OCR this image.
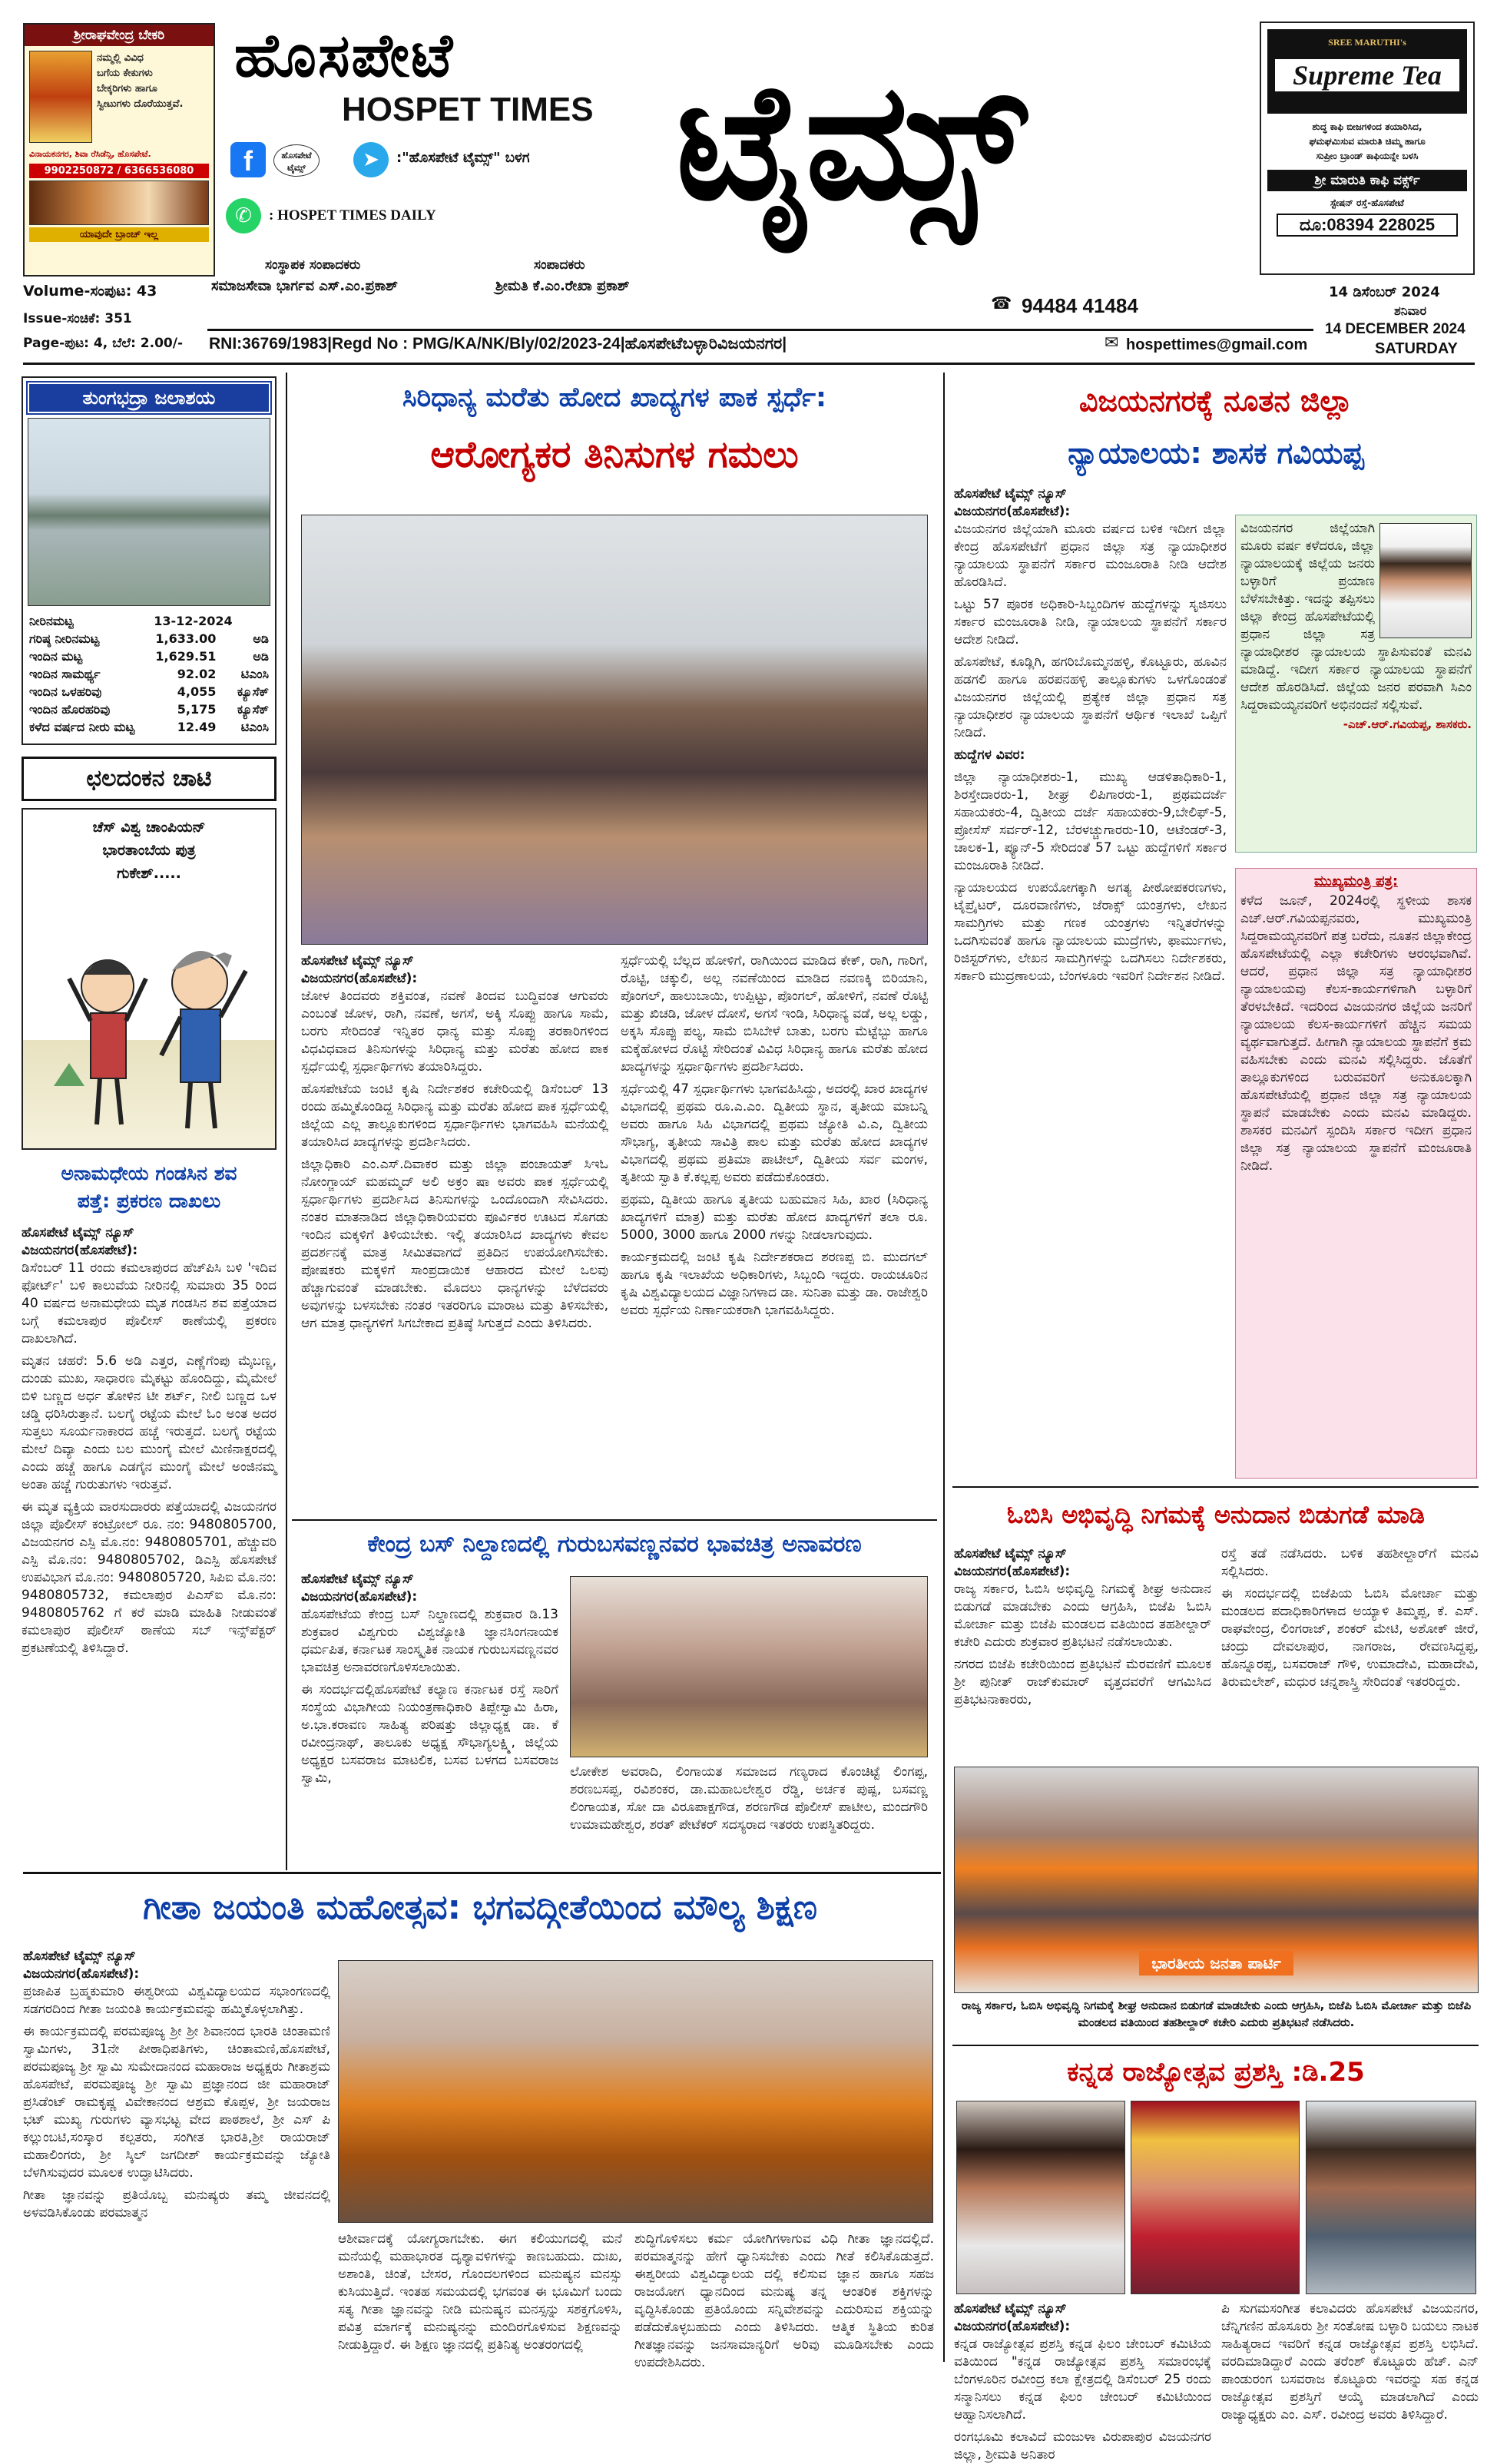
ಶ್ರೀರಾಘವೇಂದ್ರ ಬೇಕರಿ
ನಮ್ಮಲ್ಲಿ ವಿವಿಧ
ಬಗೆಯ ಕೇಕುಗಳು
ಬೇಕ್ಕರಿಗಳು ಹಾಗೂ
ಸ್ವೀಟುಗಳು ದೊರೆಯುತ್ತವೆ.
ವಿನಾಯಕನಗರ, ಶಿವಾ ರೆಸಿಡೆನ್ಸಿ, ಹೊಸಪೇಟೆ.
9902250872 / 6366536080
ಯಾವುದೇ ಬ್ರಾಂಚ್ ಇಲ್ಲ
ಹೊಸಪೇಟೆ
HOSPET TIMES ಟೈಮ್ಸ್
f	ಹೊಸಪೇಟೆ ಟೈಮ್ಸ್	➤	:"ಹೊಸಪೇಟೆ ಟೈಮ್ಸ್" ಬಳಗ
✆	: HOSPET TIMES DAILY
ಸಂಸ್ಥಾಪಕ ಸಂಪಾದಕರು
ಸಮಾಜಸೇವಾ ಭಾರ್ಗವ ಎಸ್.ಎಂ.ಪ್ರಕಾಶ್
ಸಂಪಾದಕರು
ಶ್ರೀಮತಿ ಕೆ.ಎಂ.ರೇಖಾ ಪ್ರಕಾಶ್
☎ 94484 41484
SREE MARUTHI's
Supreme Tea
ಶುದ್ಧ ಕಾಫಿ ಬೀಜಗಳಿಂದ ತಯಾರಿಸಿದ,
ಘಮಘಮಿಸುವ ಮಾರುತಿ ಚಿಮ್ಮ ಹಾಗೂ
ಸುಪ್ರೀಂ ಬ್ರಾಂಡ್ ಕಾಫಿಯನ್ನೇ ಬಳಸಿ
ಶ್ರೀ ಮಾರುತಿ ಕಾಫಿ ವರ್ಕ್ಸ್
ಸ್ಟೇಷನ್ ರಸ್ತೆ-ಹೊಸಪೇಟೆ
ದೂ:08394 228025
14 ಡಿಸೆಂಬರ್ 2024
ಶನಿವಾರ
14 DECEMBER 2024
SATURDAY
Volume-ಸಂಪುಟ: 43
Issue-ಸಂಚಿಕೆ: 351
Page-ಪುಟ: 4, ಬೆಲೆ: 2.00/- RNI:36769/1983|Regd No : PMG/KA/NK/Bly/02/2023-24|ಹೊಸಪೇಟೆಬಳ್ಳಾರಿವಿಜಯನಗರ|	✉ hospettimes@gmail.com
ತುಂಗಭದ್ರಾ ಜಲಾಶಯ
ನೀರಿನಮಟ್ಟ	13-12-2024
ಗರಿಷ್ಠ ನೀರಿನಮಟ್ಟ	1,633.00	ಅಡಿ
ಇಂದಿನ ಮಟ್ಟ	1,629.51	ಅಡಿ
ಇಂದಿನ ಸಾಮರ್ಥ್ಯ	92.02	ಟಿಎಂಸಿ
ಇಂದಿನ ಒಳಹರಿವು	4,055	ಕ್ಯೂಸೆಕ್
ಇಂದಿನ ಹೊರಹರಿವು	5,175	ಕ್ಯೂಸೆಕ್
ಕಳೆದ ವರ್ಷದ ನೀರು ಮಟ್ಟ	12.49	ಟಿಎಂಸಿ
ಛಲದಂಕನ ಚಾಟಿ
ಚೆಸ್ ವಿಶ್ವ ಚಾಂಪಿಯನ್
ಭಾರತಾಂಬೆಯ ಪುತ್ರ
ಗುಕೇಶ್.....
ಅನಾಮಧೇಯ ಗಂಡಸಿನ ಶವ
ಪತ್ತೆ: ಪ್ರಕರಣ ದಾಖಲು
ಹೊಸಪೇಟೆ ಟೈಮ್ಸ್ ನ್ಯೂಸ್
ವಿಜಯನಗರ(ಹೊಸಪೇಟೆ):

ಡಿಸೆಂಬರ್ 11 ರಂದು ಕಮಲಾಪುರದ ಹೆಚ್‌ಪಿಸಿ ಬಳಿ 'ಇದಿವ ಫೋರ್ಟ್' ಬಳಿ ಕಾಲುವೆಯ ನೀರಿನಲ್ಲಿ ಸುಮಾರು 35 ರಿಂದ 40 ವರ್ಷದ ಅನಾಮಧೇಯ ಮೃತ ಗಂಡಸಿನ ಶವ ಪತ್ತೆಯಾದ ಬಗ್ಗೆ ಕಮಲಾಪುರ ಪೊಲೀಸ್ ಠಾಣೆಯಲ್ಲಿ ಪ್ರಕರಣ ದಾಖಲಾಗಿದೆ.

ಮೃತನ ಚಹರೆ: 5.6 ಅಡಿ ಎತ್ತರ, ಎಣ್ಣೆಗೆಂಪು ಮೈಬಣ್ಣ, ದುಂಡು ಮುಖ, ಸಾಧಾರಣ ಮೈಕಟ್ಟು ಹೊಂದಿದ್ದು, ಮೈಮೇಲೆ ಬಿಳಿ ಬಣ್ಣದ ಅರ್ಧ ತೋಳಿನ ಟೀ ಶರ್ಟ್, ನೀಲಿ ಬಣ್ಣದ ಒಳ ಚಡ್ಡಿ ಧರಿಸಿರುತ್ತಾನೆ. ಬಲಗೈ ರಟ್ಟೆಯ ಮೇಲೆ ಓಂ ಅಂತ ಅದರ ಸುತ್ತಲು ಸೂರ್ಯನಾಕಾರದ ಹಚ್ಚೆ ಇರುತ್ತದೆ. ಬಲಗೈ ರಟ್ಟೆಯ ಮೇಲೆ ದಿವ್ಯಾ ಎಂದು ಬಲ ಮುಂಗೈ ಮೇಲೆ ಮಿಣಿನಾಕ್ಷರದಲ್ಲಿ ಎಂದು ಹಚ್ಚೆ ಹಾಗೂ ಎಡಗೈನ ಮುಂಗೈ ಮೇಲೆ ಅಂಜಿನಮ್ಮ ಅಂತಾ ಹಚ್ಚೆ ಗುರುತುಗಳು ಇರುತ್ತವೆ.

ಈ ಮೃತ ವ್ಯಕ್ತಿಯ ವಾರಸುದಾರರು ಪತ್ತೆಯಾದಲ್ಲಿ ವಿಜಯನಗರ ಜಿಲ್ಲಾ ಪೊಲೀಸ್ ಕಂಟ್ರೋಲ್ ರೂ. ನಂ: 9480805700, ವಿಜಯನಗರ ಎಸ್ಪಿ ಮೊ.ನಂ: 9480805701, ಹೆಚ್ಚುವರಿ ಎಸ್ಪಿ ಮೊ.ನಂ: 9480805702, ಡಿಎಸ್ಪಿ ಹೊಸಪೇಟೆ ಉಪವಿಭಾಗ ಮೊ.ನಂ: 9480805720, ಸಿಪಿಐ ಮೊ.ನಂ: 9480805732, ಕಮಲಾಪುರ ಪಿಎಸ್‌ಐ ಮೊ.ನಂ: 9480805762 ಗೆ ಕರೆ ಮಾಡಿ ಮಾಹಿತಿ ನೀಡುವಂತೆ ಕಮಲಾಪುರ ಪೊಲೀಸ್ ಠಾಣೆಯ ಸಬ್ ಇನ್ಸ್‌ಪೆಕ್ಟರ್ ಪ್ರಕಟಣೆಯಲ್ಲಿ ತಿಳಿಸಿದ್ದಾರೆ.

ಸಿರಿಧಾನ್ಯ ಮರೆತು ಹೋದ ಖಾದ್ಯಗಳ ಪಾಕ ಸ್ಪರ್ಧೆ:
ಆರೋಗ್ಯಕರ ತಿನಿಸುಗಳ ಗಮಲು
ಹೊಸಪೇಟೆ ಟೈಮ್ಸ್ ನ್ಯೂಸ್
ವಿಜಯನಗರ(ಹೊಸಪೇಟೆ):

ಜೋಳ ತಿಂದವರು ಶಕ್ತಿವಂತ, ನವಣೆ ತಿಂದವ ಬುದ್ಧಿವಂತ ಆಗುವರು ಎಂಬಂತೆ ಜೋಳ, ರಾಗಿ, ನವಣೆ, ಅಗಸೆ, ಅಕ್ಕಿ ಸೊಪ್ಪು ಹಾಗೂ ಸಾಮೆ, ಬರಗು ಸೇರಿದಂತೆ ಇನ್ನಿತರ ಧಾನ್ಯ ಮತ್ತು ಸೊಪ್ಪು ತರಕಾರಿಗಳಿಂದ ವಿಧವಿಧವಾದ ತಿನಿಸುಗಳನ್ನು ಸಿರಿಧಾನ್ಯ ಮತ್ತು ಮರೆತು ಹೋದ ಪಾಕ ಸ್ಪರ್ಧೆಯಲ್ಲಿ ಸ್ಪರ್ಧಾರ್ಥಿಗಳು ತಯಾರಿಸಿದ್ದರು.

ಹೊಸಪೇಟೆಯ ಜಂಟಿ ಕೃಷಿ ನಿರ್ದೇಶಕರ ಕಚೇರಿಯಲ್ಲಿ ಡಿಸೆಂಬರ್ 13 ರಂದು ಹಮ್ಮಿಕೊಂಡಿದ್ದ ಸಿರಿಧಾನ್ಯ ಮತ್ತು ಮರೆತು ಹೋದ ಪಾಕ ಸ್ಪರ್ಧೆಯಲ್ಲಿ ಜಿಲ್ಲೆಯ ಎಲ್ಲ ತಾಲ್ಲೂಕುಗಳಿಂದ ಸ್ಪರ್ಧಾರ್ಥಿಗಳು ಭಾಗವಹಿಸಿ ಮನೆಯಲ್ಲಿ ತಯಾರಿಸಿದ ಖಾದ್ಯಗಳನ್ನು ಪ್ರದರ್ಶಿಸಿದರು.

ಜಿಲ್ಲಾಧಿಕಾರಿ ಎಂ.ಎಸ್.ದಿವಾಕರ ಮತ್ತು ಜಿಲ್ಲಾ ಪಂಚಾಯತ್ ಸಿಇಓ ನೋಂಗ್ಜಾಯ್ ಮಹಮ್ಮದ್ ಅಲಿ ಅಕ್ರಂ ಷಾ ಅವರು ಪಾಕ ಸ್ಪರ್ಧೆಯಲ್ಲಿ ಸ್ಪರ್ಧಾರ್ಥಿಗಳು ಪ್ರದರ್ಶಿಸಿದ ತಿನಿಸುಗಳನ್ನು ಒಂದೊಂದಾಗಿ ಸೇವಿಸಿದರು. ನಂತರ ಮಾತನಾಡಿದ ಜಿಲ್ಲಾಧಿಕಾರಿಯವರು ಪೂರ್ವಿಕರ ಊಟದ ಸೊಗಡು ಇಂದಿನ ಮಕ್ಕಳಿಗೆ ತಿಳಿಯಬೇಕು. ಇಲ್ಲಿ ತಯಾರಿಸಿದ ಖಾದ್ಯಗಳು ಕೇವಲ ಪ್ರದರ್ಶನಕ್ಕೆ ಮಾತ್ರ ಸೀಮಿತವಾಗದೆ ಪ್ರತಿದಿನ ಉಪಯೋಗಿಸಬೇಕು. ಪೋಷಕರು ಮಕ್ಕಳಿಗೆ ಸಾಂಪ್ರದಾಯಿಕ ಆಹಾರದ ಮೇಲೆ ಒಲವು ಹೆಚ್ಚಾಗುವಂತೆ ಮಾಡಬೇಕು. ಮೊದಲು ಧಾನ್ಯಗಳನ್ನು ಬೆಳೆದವರು ಅವುಗಳನ್ನು ಬಳಸಬೇಕು ನಂತರ ಇತರರಿಗೂ ಮಾರಾಟ ಮತ್ತು ತಿಳಿಸಬೇಕು, ಆಗ ಮಾತ್ರ ಧಾನ್ಯಗಳಿಗೆ ಸಿಗಬೇಕಾದ ಪ್ರತಿಷ್ಠೆ ಸಿಗುತ್ತದೆ ಎಂದು ತಿಳಿಸಿದರು.

ಸ್ಪರ್ಧೆಯಲ್ಲಿ ಬೆಲ್ಲದ ಹೋಳಿಗೆ, ರಾಗಿಯಿಂದ ಮಾಡಿದ ಕೇಕ್, ರಾಗಿ, ಗಾರಿಗೆ, ರೊಟ್ಟಿ, ಚಕ್ಕುಲಿ, ಅಲ್ಲ ನವಣೆಯಿಂದ ಮಾಡಿದ ನವಣಕ್ಕಿ ಬಿರಿಯಾನಿ, ಪೊಂಗಲ್, ಹಾಲುಬಾಯಿ, ಉಪ್ಪಿಟ್ಟು, ಪೊಂಗಲ್, ಹೋಳಿಗೆ, ನವಣೆ ರೊಟ್ಟಿ ಮತ್ತು ಖಿಚಡಿ, ಜೋಳ ದೋಸೆ, ಅಗಸೆ ಇಂಡಿ, ಸಿರಿಧಾನ್ಯ ವಡೆ, ಅಲ್ಲ ಲಡ್ಡು, ಅಕ್ಕಸಿ ಸೊಪ್ಪು ಪಲ್ಯ, ಸಾಮೆ ಬಿಸಿಬೇಳೆ ಬಾತು, ಬರಗು ಮೆಟ್ಟೆಬ್ಬು ಹಾಗೂ ಮಕ್ಕೆಹೋಳದ ರೊಟ್ಟಿ ಸೇರಿದಂತೆ ವಿವಿಧ ಸಿರಿಧಾನ್ಯ ಹಾಗೂ ಮರೆತು ಹೋದ ಖಾದ್ಯಗಳನ್ನು ಸ್ಪರ್ಧಾರ್ಥಿಗಳು ಪ್ರದರ್ಶಿಸಿದರು.

ಸ್ಪರ್ಧೆಯಲ್ಲಿ 47 ಸ್ಪರ್ಧಾರ್ಥಿಗಳು ಭಾಗವಹಿಸಿದ್ದು, ಅದರಲ್ಲಿ ಖಾರ ಖಾದ್ಯಗಳ ವಿಭಾಗದಲ್ಲಿ ಪ್ರಥಮ ರೂ.ಎ.ಎಂ. ದ್ವಿತೀಯ ಸ್ಥಾನ, ತೃತೀಯ ಮಾಬನ್ನಿ ಅವರು ಹಾಗೂ ಸಿಹಿ ವಿಭಾಗದಲ್ಲಿ ಪ್ರಥಮ ಜ್ಯೋತಿ ವಿ.ಎ, ದ್ವಿತೀಯ ಸೌಭಾಗ್ಯ, ತೃತೀಯ ಸಾವಿತ್ರಿ ಪಾಲ ಮತ್ತು ಮರೆತು ಹೋದ ಖಾದ್ಯಗಳ ವಿಭಾಗದಲ್ಲಿ ಪ್ರಥಮ ಪ್ರತಿಮಾ ಪಾಟೀಲ್, ದ್ವಿತೀಯ ಸರ್ವ ಮಂಗಳ, ತೃತೀಯ ಸ್ವಾತಿ ಕೆ.ಕಲ್ಲಪ್ಪ ಅವರು ಪಡೆದುಕೊಂಡರು.

ಪ್ರಥಮ, ದ್ವಿತೀಯ ಹಾಗೂ ತೃತೀಯ ಬಹುಮಾನ ಸಿಹಿ, ಖಾರ (ಸಿರಿಧಾನ್ಯ ಖಾದ್ಯಗಳಿಗೆ ಮಾತ್ರ) ಮತ್ತು ಮರೆತು ಹೋದ ಖಾದ್ಯಗಳಿಗೆ ತಲಾ ರೂ. 5000, 3000 ಹಾಗೂ 2000 ಗಳನ್ನು ನೀಡಲಾಗುವುದು.

ಕಾರ್ಯಕ್ರಮದಲ್ಲಿ ಜಂಟಿ ಕೃಷಿ ನಿರ್ದೇಶಕರಾದ ಶರಣಪ್ಪ ಬಿ. ಮುದಗಲ್ ಹಾಗೂ ಕೃಷಿ ಇಲಾಖೆಯ ಅಧಿಕಾರಿಗಳು, ಸಿಬ್ಬಂದಿ ಇದ್ದರು. ರಾಯಚೂರಿನ ಕೃಷಿ ವಿಶ್ವವಿದ್ಯಾಲಯದ ವಿಜ್ಞಾನಿಗಳಾದ ಡಾ. ಸುನಿತಾ ಮತ್ತು ಡಾ. ರಾಜೇಶ್ವರಿ ಅವರು ಸ್ಪರ್ಧೆಯ ನಿರ್ಣಾಯಕರಾಗಿ ಭಾಗವಹಿಸಿದ್ದರು.

ಕೇಂದ್ರ ಬಸ್ ನಿಲ್ದಾಣದಲ್ಲಿ ಗುರುಬಸವಣ್ಣನವರ ಭಾವಚಿತ್ರ ಅನಾವರಣ
ಹೊಸಪೇಟೆ ಟೈಮ್ಸ್ ನ್ಯೂಸ್
ವಿಜಯನಗರ(ಹೊಸಪೇಟೆ):

ಹೊಸಪೇಟೆಯ ಕೇಂದ್ರ ಬಸ್ ನಿಲ್ದಾಣದಲ್ಲಿ ಶುಕ್ರವಾರ ಡಿ.13 ಶುಕ್ರವಾರ ವಿಶ್ವಗುರು ವಿಶ್ವಜ್ಯೋತಿ ಜ್ಞಾನಸಿಂಗನಾಯಕ ಧರ್ಮಪಿತ, ಕರ್ನಾಟಕ ಸಾಂಸ್ಕೃತಿಕ ನಾಯಕ ಗುರುಬಸವಣ್ಣನವರ ಭಾವಚಿತ್ರ ಅನಾವರಣಗೊಳಿಸಲಾಯಿತು.

ಈ ಸಂದರ್ಭದಲ್ಲಿಹೊಸಪೇಟೆ ಕಲ್ಯಾಣ ಕರ್ನಾಟಕ ರಸ್ತೆ ಸಾರಿಗೆ ಸಂಸ್ಥೆಯ ವಿಭಾಗೀಯ ನಿಯಂತ್ರಣಾಧಿಕಾರಿ ತಿಪ್ಪೇಸ್ವಾಮಿ ಹಿರಾ, ಅ.ಭಾ.ಕರಾವಣ ಸಾಹಿತ್ಯ ಪರಿಷತ್ತು ಜಿಲ್ಲಾಧ್ಯಕ್ಷ ಡಾ. ಕೆ ರವೀಂದ್ರನಾಥ್, ತಾಲೂಕು ಅಧ್ಯಕ್ಷ ಸೌಭಾಗ್ಯಲಕ್ಷ್ಮಿ, ಜಿಲ್ಲೆಯ ಅಧ್ಯಕ್ಷರ ಬಸವರಾಜ ಮಾಟಲಿಕ, ಬಸವ ಬಳಗದ ಬಸವರಾಜ ಸ್ವಾಮಿ,	ಲೋಕೇಶ ಅವರಾದಿ, ಲಿಂಗಾಯತ ಸಮಾಜದ ಗಣ್ಯರಾದ ಕೊಂಚಿಟ್ಟೆ ಲಿಂಗಪ್ಪ, ಶರಣಬಸಪ್ಪ, ರವಿಶಂಕರ, ಡಾ.ಮಹಾಬಲೇಶ್ವರ ರೆಡ್ಡಿ, ಅರ್ಚಕ ಪುಷ್ಪ, ಬಸವಣ್ಣ ಲಿಂಗಾಯತ, ಸೋ ದಾ ವಿರೂಪಾಕ್ಷಗೌಡ, ಶರಣಗೌಡ ಪೊಲೀಸ್ ಪಾಟೀಲ, ಮಂದಗೌರಿ ಉಮಾಮಹೇಶ್ವರ, ಶರತ್ ಪೇಟೆಕರ್ ಸದಸ್ಯರಾದ ಇತರರು ಉಪಸ್ಥಿತರಿದ್ದರು.
ಗೀತಾ ಜಯಂತಿ ಮಹೋತ್ಸವ: ಭಗವದ್ಗೀತೆಯಿಂದ ಮೌಲ್ಯ ಶಿಕ್ಷಣ
ಹೊಸಪೇಟೆ ಟೈಮ್ಸ್ ನ್ಯೂಸ್
ವಿಜಯನಗರ(ಹೊಸಪೇಟೆ):

ಪ್ರಜಾಪಿತ ಬ್ರಹ್ಮಕುಮಾರಿ ಈಶ್ವರೀಯ ವಿಶ್ವವಿದ್ಯಾಲಯದ ಸಭಾಂಗಣದಲ್ಲಿ ಸಡಗರದಿಂದ ಗೀತಾ ಜಯಂತಿ ಕಾರ್ಯಕ್ರಮವನ್ನು ಹಮ್ಮಿಕೊಳ್ಳಲಾಗಿತ್ತು.

ಈ ಕಾರ್ಯಕ್ರಮದಲ್ಲಿ ಪರಮಪೂಜ್ಯ ಶ್ರೀ ಶ್ರೀ ಶಿವಾನಂದ ಭಾರತಿ ಚಿಂತಾಮಣಿ ಸ್ವಾಮಿಗಳು, 31ನೇ ಪೀಠಾಧಿಪತಿಗಳು, ಚಿಂತಾಮಣಿ,ಹೊಸಪೇಟೆ, ಪರಮಪೂಜ್ಯ ಶ್ರೀ ಸ್ವಾಮಿ ಸುಮೇದಾನಂದ ಮಹಾರಾಜ ಅಧ್ಯಕ್ಷರು ಗೀತಾಶ್ರಮ ಹೊಸಪೇಟೆ, ಪರಮಪೂಜ್ಯ ಶ್ರೀ ಸ್ವಾಮಿ ಪ್ರಜ್ಞಾನಂದ ಜೀ ಮಹಾರಾಜ್ ಪ್ರಸಿಡೆಂಟ್ ರಾಮಕೃಷ್ಣ ವಿವೇಕಾನಂದ ಆಶ್ರಮ ಕೊಪ್ಪಳ, ಶ್ರೀ ಜಯರಾಜ ಭಟ್ ಮುಖ್ಯ ಗುರುಗಳು ವ್ಯಾಸಭಟ್ಟ ವೇದ ಪಾಠಶಾಲೆ, ಶ್ರೀ ಎಸ್ ಪಿ ಕಲ್ಲುಂಬಟಿ,ಸಂಸ್ಕಾರ ಕಲ್ಪತರು, ಸಂಗೀತ ಭಾರತಿ,ಶ್ರೀ ರಾಯರಾಜ್ ಮಹಾಲಿಂಗರು, ಶ್ರೀ ಸ್ಕಿಲ್ ಜಗದೀಶ್ ಕಾರ್ಯಕ್ರಮವನ್ನು ಜ್ಯೋತಿ ಬೆಳಗಿಸುವುದರ ಮೂಲಕ ಉದ್ಘಾಟಿಸಿದರು.

ಗೀತಾ ಜ್ಞಾನವನ್ನು ಪ್ರತಿಯೊಬ್ಬ ಮನುಷ್ಯರು ತಮ್ಮ ಜೀವನದಲ್ಲಿ ಅಳವಡಿಸಿಕೊಂಡು ಪರಮಾತ್ಮನ

ಆಶೀರ್ವಾದಕ್ಕೆ ಯೋಗ್ಯರಾಗಬೇಕು. ಈಗ ಕಲಿಯುಗದಲ್ಲಿ ಮನೆ ಮನೆಯಲ್ಲಿ ಮಹಾಭಾರತ ದೃಶ್ಯಾವಳಿಗಳನ್ನು ಕಾಣಬಹುದು. ದುಃಖ, ಅಶಾಂತಿ, ಚಿಂತೆ, ಬೇಸರ, ಗೊಂದಲಗಳಿಂದ ಮನುಷ್ಯನ ಮನಸ್ಸು ಕುಸಿಯುತ್ತಿದೆ. ಇಂತಹ ಸಮಯದಲ್ಲಿ ಭಗವಂತ ಈ ಭೂಮಿಗೆ ಬಂದು ಸತ್ಯ ಗೀತಾ ಜ್ಞಾನವನ್ನು ನೀಡಿ ಮನುಷ್ಯನ ಮನಸ್ಸನ್ನು ಸಶಕ್ತಗೊಳಿಸಿ, ಪವಿತ್ರ ಮಾರ್ಗಕ್ಕೆ ಮನುಷ್ಯನನ್ನು ಮಂದಿರಗೊಳಿಸುವ ಶಿಕ್ಷಣವನ್ನು ನೀಡುತ್ತಿದ್ದಾರೆ. ಈ ಶಿಕ್ಷಣ ಜ್ಞಾನದಲ್ಲಿ ಪ್ರತಿನಿತ್ಯ ಅಂತರಂಗದಲ್ಲಿ
ಶುದ್ಧಿಗೊಳಿಸಲು ಕರ್ಮ ಯೋಗಿಗಳಾಗುವ ವಿಧಿ ಗೀತಾ ಜ್ಞಾನದಲ್ಲಿದೆ. ಪರಮಾತ್ಮನನ್ನು ಹೇಗೆ ಧ್ಯಾನಿಸಬೇಕು ಎಂದು ಗೀತೆ ಕಲಿಸಿಕೊಡುತ್ತದೆ. ಈಶ್ವರೀಯ ವಿಶ್ವವಿದ್ಯಾಲಯ ದಲ್ಲಿ ಕಲಿಸುವ ಜ್ಞಾನ ಹಾಗೂ ಸಹಜ ರಾಜಯೋಗ ಧ್ಯಾನದಿಂದ ಮನುಷ್ಯ ತನ್ನ ಆಂತರಿಕ ಶಕ್ತಿಗಳನ್ನು ವೃದ್ಧಿಸಿಕೊಂಡು ಪ್ರತಿಯೊಂದು ಸನ್ನಿವೇಶವನ್ನು ಎದುರಿಸುವ ಶಕ್ತಿಯನ್ನು ಪಡೆದುಕೊಳ್ಳಬಹುದು ಎಂದು ತಿಳಿಸಿದರು. ಆತ್ಮಿಕ ಸ್ಥಿತಿಯ ಕುರಿತ ಗೀತಜ್ಞಾನವನ್ನು ಜನಸಾಮಾನ್ಯರಿಗೆ ಅರಿವು ಮೂಡಿಸಬೇಕು ಎಂದು ಉಪದೇಶಿಸಿದರು.
ವಿಜಯನಗರಕ್ಕೆ ನೂತನ ಜಿಲ್ಲಾ
ನ್ಯಾಯಾಲಯ: ಶಾಸಕ ಗವಿಯಪ್ಪ
ಹೊಸಪೇಟೆ ಟೈಮ್ಸ್ ನ್ಯೂಸ್
ವಿಜಯನಗರ(ಹೊಸಪೇಟೆ):

ವಿಜಯನಗರ ಜಿಲ್ಲೆಯಾಗಿ ಮೂರು ವರ್ಷದ ಬಳಿಕ ಇದೀಗ ಜಿಲ್ಲಾ ಕೇಂದ್ರ ಹೊಸಪೇಟೆಗೆ ಪ್ರಧಾನ ಜಿಲ್ಲಾ ಸತ್ರ ನ್ಯಾಯಾಧೀಶರ ನ್ಯಾಯಾಲಯ ಸ್ಥಾಪನೆಗೆ ಸರ್ಕಾರ ಮಂಜೂರಾತಿ ನೀಡಿ ಆದೇಶ ಹೊರಡಿಸಿದೆ.

ಒಟ್ಟು 57 ಪೂರಕ ಅಧಿಕಾರಿ-ಸಿಬ್ಬಂದಿಗಳ ಹುದ್ದೆಗಳನ್ನು ಸೃಜಿಸಲು ಸರ್ಕಾರ ಮಂಜೂರಾತಿ ನೀಡಿ, ನ್ಯಾಯಾಲಯ ಸ್ಥಾಪನೆಗೆ ಸರ್ಕಾರ ಆದೇಶ ನೀಡಿದೆ.

ಹೊಸಪೇಟೆ, ಕೂಡ್ಲಿಗಿ, ಹಗರಿಬೊಮ್ಮನಹಳ್ಳಿ, ಕೊಟ್ಟೂರು, ಹೂವಿನ ಹಡಗಲಿ ಹಾಗೂ ಹರಪನಹಳ್ಳಿ ತಾಲ್ಲೂಕುಗಳು ಒಳಗೊಂಡಂತೆ ವಿಜಯನಗರ ಜಿಲ್ಲೆಯಲ್ಲಿ ಪ್ರತ್ಯೇಕ ಜಿಲ್ಲಾ ಪ್ರಧಾನ ಸತ್ರ ನ್ಯಾಯಾಧೀಶರ ನ್ಯಾಯಾಲಯ ಸ್ಥಾಪನೆಗೆ ಆರ್ಥಿಕ ಇಲಾಖೆ ಒಪ್ಪಿಗೆ ನೀಡಿದೆ.

ಹುದ್ದೆಗಳ ವಿವರ:

ಜಿಲ್ಲಾ ನ್ಯಾಯಾಧೀಶರು-1, ಮುಖ್ಯ ಆಡಳಿತಾಧಿಕಾರಿ-1, ಶಿರಸ್ತೇದಾರರು-1, ಶೀಘ್ರ ಲಿಪಿಗಾರರು-1, ಪ್ರಥಮದರ್ಜೆ ಸಹಾಯಕರು-4, ದ್ವಿತೀಯ ದರ್ಜೆ ಸಹಾಯಕರು-9,ಬೇಲಿಫ್-5, ಪ್ರೋಸೆಸ್ ಸರ್ವರ್-12, ಬೆರಳಚ್ಚುಗಾರರು-10, ಆಟೆಂಡರ್-3, ಚಾಲಕ-1, ಪ್ಯೂನ್-5 ಸೇರಿದಂತೆ 57 ಒಟ್ಟು ಹುದ್ದೆಗಳಿಗೆ ಸರ್ಕಾರ ಮಂಜೂರಾತಿ ನೀಡಿದೆ.

ನ್ಯಾಯಾಲಯದ ಉಪಯೋಗಕ್ಕಾಗಿ ಅಗತ್ಯ ಪೀಠೋಪಕರಣಗಳು, ಟೈಪ್ರೈಟರ್, ದೂರವಾಣಿಗಳು, ಜೆರಾಕ್ಸ್ ಯಂತ್ರಗಳು, ಲೇಖನ ಸಾಮಗ್ರಿಗಳು ಮತ್ತು ಗಣಕ ಯಂತ್ರಗಳು ಇನ್ನಿತರೆಗಳನ್ನು ಒದಗಿಸುವಂತೆ ಹಾಗೂ ನ್ಯಾಯಾಲಯ ಮುದ್ರೆಗಳು, ಫಾರ್ಮುಗಳು, ರಿಜಿಸ್ಟರ್‌ಗಳು, ಲೇಖನ ಸಾಮಗ್ರಿಗಳನ್ನು ಒದಗಿಸಲು ನಿರ್ದೇಶಕರು, ಸರ್ಕಾರಿ ಮುದ್ರಣಾಲಯ, ಬೆಂಗಳೂರು ಇವರಿಗೆ ನಿರ್ದೇಶನ ನೀಡಿದೆ.

ವಿಜಯನಗರ ಜಿಲ್ಲೆಯಾಗಿ ಮೂರು ವರ್ಷ ಕಳೆದರೂ, ಜಿಲ್ಲಾ ನ್ಯಾಯಾಲಯಕ್ಕೆ ಜಿಲ್ಲೆಯ ಜನರು ಬಳ್ಳಾರಿಗೆ ಪ್ರಯಾಣ ಬೆಳೆಸಬೇಕಿತ್ತು. ಇದನ್ನು ತಪ್ಪಿಸಲು ಜಿಲ್ಲಾ ಕೇಂದ್ರ ಹೊಸಪೇಟೆಯಲ್ಲಿ ಪ್ರಧಾನ ಜಿಲ್ಲಾ ಸತ್ರ ನ್ಯಾಯಾಧೀಶರ ನ್ಯಾಯಾಲಯ ಸ್ಥಾಪಿಸುವಂತೆ ಮನವಿ ಮಾಡಿದ್ದೆ. ಇದೀಗ ಸರ್ಕಾರ ನ್ಯಾಯಾಲಯ ಸ್ಥಾಪನೆಗೆ ಆದೇಶ ಹೊರಡಿಸಿದೆ. ಜಿಲ್ಲೆಯ ಜನರ ಪರವಾಗಿ ಸಿಎಂ ಸಿದ್ದರಾಮಯ್ಯನವರಿಗೆ ಅಭಿನಂದನೆ ಸಲ್ಲಿಸುವೆ.
-ಎಚ್.ಆರ್.ಗವಿಯಪ್ಪ, ಶಾಸಕರು.
ಮುಖ್ಯಮಂತ್ರಿ ಪತ್ರ:
ಕಳೆದ ಜೂನ್, 2024ರಲ್ಲಿ ಸ್ಥಳೀಯ ಶಾಸಕ ಎಚ್.ಆರ್.ಗವಿಯಪ್ಪನವರು, ಮುಖ್ಯಮಂತ್ರಿ ಸಿದ್ದರಾಮಯ್ಯನವರಿಗೆ ಪತ್ರ ಬರೆದು, ನೂತನ ಜಿಲ್ಲಾಕೇಂದ್ರ ಹೊಸಪೇಟೆಯಲ್ಲಿ ಎಲ್ಲಾ ಕಚೇರಿಗಳು ಆರಂಭವಾಗಿವೆ. ಆದರೆ, ಪ್ರಧಾನ ಜಿಲ್ಲಾ ಸತ್ರ ನ್ಯಾಯಾಧೀಶರ ನ್ಯಾಯಾಲಯವು ಕೆಲಸ-ಕಾರ್ಯಗಳಿಗಾಗಿ ಬಳ್ಳಾರಿಗೆ ತೆರಳಬೇಕಿದೆ. ಇದರಿಂದ ವಿಜಯನಗರ ಜಿಲ್ಲೆಯ ಜನರಿಗೆ ನ್ಯಾಯಾಲಯ ಕೆಲಸ-ಕಾರ್ಯಗಳಿಗೆ ಹೆಚ್ಚಿನ ಸಮಯ ವ್ಯರ್ಥವಾಗುತ್ತದೆ. ಹೀಗಾಗಿ ನ್ಯಾಯಾಲಯ ಸ್ಥಾಪನೆಗೆ ಕ್ರಮ ವಹಿಸಬೇಕು ಎಂದು ಮನವಿ ಸಲ್ಲಿಸಿದ್ದರು. ಜೊತೆಗೆ ತಾಲ್ಲೂಕುಗಳಿಂದ ಬರುವವರಿಗೆ ಅನುಕೂಲಕ್ಕಾಗಿ ಹೊಸಪೇಟೆಯಲ್ಲಿ ಪ್ರಧಾನ ಜಿಲ್ಲಾ ಸತ್ರ ನ್ಯಾಯಾಲಯ ಸ್ಥಾಪನೆ ಮಾಡಬೇಕು ಎಂದು ಮನವಿ ಮಾಡಿದ್ದರು. ಶಾಸಕರ ಮನವಿಗೆ ಸ್ಪಂದಿಸಿ ಸರ್ಕಾರ ಇದೀಗ ಪ್ರಧಾನ ಜಿಲ್ಲಾ ಸತ್ರ ನ್ಯಾಯಾಲಯ ಸ್ಥಾಪನೆಗೆ ಮಂಜೂರಾತಿ ನೀಡಿದೆ.
ಓಬಿಸಿ ಅಭಿವೃದ್ಧಿ ನಿಗಮಕ್ಕೆ ಅನುದಾನ ಬಿಡುಗಡೆ ಮಾಡಿ
ಹೊಸಪೇಟೆ ಟೈಮ್ಸ್ ನ್ಯೂಸ್
ವಿಜಯನಗರ(ಹೊಸಪೇಟೆ):

ರಾಜ್ಯ ಸರ್ಕಾರ, ಓಬಿಸಿ ಅಭಿವೃದ್ಧಿ ನಿಗಮಕ್ಕೆ ಶೀಘ್ರ ಅನುದಾನ ಬಿಡುಗಡೆ ಮಾಡಬೇಕು ಎಂದು ಆಗ್ರಹಿಸಿ, ಬಿಜೆಪಿ ಓಬಿಸಿ ಮೋರ್ಚಾ ಮತ್ತು ಬಿಜೆಪಿ ಮಂಡಲದ ವತಿಯಿಂದ ತಹಶೀಲ್ದಾರ್ ಕಚೇರಿ ಎದುರು ಶುಕ್ರವಾರ ಪ್ರತಿಭಟನೆ ನಡೆಸಲಾಯಿತು.

ನಗರದ ಬಿಜೆಪಿ ಕಚೇರಿಯಿಂದ ಪ್ರತಿಭಟನೆ ಮೆರವಣಿಗೆ ಮೂಲಕ ಶ್ರೀ ಪುನೀತ್ ರಾಜ್‌ಕುಮಾರ್ ವೃತ್ತದವರೆಗೆ ಆಗಮಿಸಿದ ಪ್ರತಿಭಟನಾಕಾರರು,

ರಸ್ತೆ ತಡೆ ನಡೆಸಿದರು. ಬಳಿಕ ತಹಶೀಲ್ದಾರ್‌ಗೆ ಮನವಿ ಸಲ್ಲಿಸಿದರು.

ಈ ಸಂದರ್ಭದಲ್ಲಿ ಬಿಜೆಪಿಯ ಓಬಿಸಿ ಮೋರ್ಚಾ ಮತ್ತು ಮಂಡಲದ ಪದಾಧಿಕಾರಿಗಳಾದ ಅಯ್ಯಾಳಿ ತಿಮ್ಮಪ್ಪ, ಕೆ. ಎಸ್. ರಾಘವೇಂದ್ರ, ಲಿಂಗರಾಜ್, ಶಂಕರ್ ಮೇಟಿ, ಅಶೋಕ್ ಜೀರೆ, ಚಂದ್ರು ದೇವಲಾಪುರ, ನಾಗರಾಜ, ರೇವಣಸಿದ್ದಪ್ಪ, ಹೊನ್ನೂರಪ್ಪ, ಬಸವರಾಜ್ ಗೌಳಿ, ಉಮಾದೇವಿ, ಮಹಾದೇವಿ, ತಿರುಮಲೇಶ್, ಮಧುರ ಚನ್ನಶಾಸ್ತ್ರಿ ಸೇರಿದಂತೆ ಇತರರಿದ್ದರು.

ಭಾರತೀಯ ಜನತಾ ಪಾರ್ಟಿ
ರಾಜ್ಯ ಸರ್ಕಾರ, ಓಬಿಸಿ ಅಭಿವೃದ್ಧಿ ನಿಗಮಕ್ಕೆ ಶೀಘ್ರ ಅನುದಾನ ಬಿಡುಗಡೆ ಮಾಡಬೇಕು ಎಂದು ಆಗ್ರಹಿಸಿ, ಬಿಜೆಪಿ ಓಬಿಸಿ ಮೋರ್ಚಾ ಮತ್ತು ಬಿಜೆಪಿ ಮಂಡಲದ ವತಿಯಿಂದ ತಹಶೀಲ್ದಾರ್ ಕಚೇರಿ ಎದುರು ಪ್ರತಿಭಟನೆ ನಡೆಸಿದರು.
ಕನ್ನಡ ರಾಜ್ಯೋತ್ಸವ ಪ್ರಶಸ್ತಿ :ಡಿ.25
ಹೊಸಪೇಟೆ ಟೈಮ್ಸ್ ನ್ಯೂಸ್
ವಿಜಯನಗರ(ಹೊಸಪೇಟೆ):

ಕನ್ನಡ ರಾಜ್ಯೋತ್ಸವ ಪ್ರಶಸ್ತಿ ಕನ್ನಡ ಫಿಲಂ ಚೇಂಬರ್ ಕಮಿಟಿಯ ವತಿಯಿಂದ "ಕನ್ನಡ ರಾಜ್ಯೋತ್ಸವ ಪ್ರಶಸ್ತಿ ಸಮಾರಂಭಕ್ಕೆ ಬೆಂಗಳೂರಿನ ರವೀಂದ್ರ ಕಲಾ ಕ್ಷೇತ್ರದಲ್ಲಿ ಡಿಸೆಂಬರ್ 25 ರಂದು ಸನ್ಮಾನಿಸಲು ಕನ್ನಡ ಫಿಲಂ ಚೇಂಬರ್ ಕಮಿಟಿಯಿಂದ ಆಹ್ವಾನಿಸಲಾಗಿದೆ.

ರಂಗಭೂಮಿ ಕಲಾವಿದೆ ಮಂಜುಳಾ ವಿರುಪಾಪುರ ವಿಜಯನಗರ ಜಿಲ್ಲಾ, ಶ್ರೀಮತಿ ಅನಿತಾರ

ಪಿ ಸುಗಮಸಂಗೀತ ಕಲಾವಿದರು ಹೊಸಪೇಟೆ ವಿಜಯನಗರ, ಚೆನ್ನಿಗಣಿನ ಹೊಸೂರು ಶ್ರೀ ಸಂತೋಷ ಬಳ್ಳಾರಿ ಬಯಲು ನಾಟಕ ಸಾಹಿತ್ಯರಾದ ಇವರಿಗೆ ಕನ್ನಡ ರಾಜ್ಯೋತ್ಸವ ಪ್ರಶಸ್ತಿ ಲಭಿಸಿದೆ. ವರದಿಮಾಡಿದ್ದಾರೆ ಎಂದು ತರೆಂಶ್ ಕೊಟ್ಟೂರು ಹೆಚ್. ಎನ್ ಪಾಂಡುರಂಗ ಬಸವರಾಜ ಕೊಟ್ಟೂರು ಇವರನ್ನು ಸಹ ಕನ್ನಡ ರಾಜ್ಯೋತ್ಸವ ಪ್ರಶಸ್ತಿಗೆ ಆಯ್ಕೆ ಮಾಡಲಾಗಿದೆ ಎಂದು ರಾಜ್ಯಾಧ್ಯಕ್ಷರು ಎಂ. ಎಸ್. ರವೀಂದ್ರ ಅವರು ತಿಳಿಸಿದ್ದಾರೆ.
